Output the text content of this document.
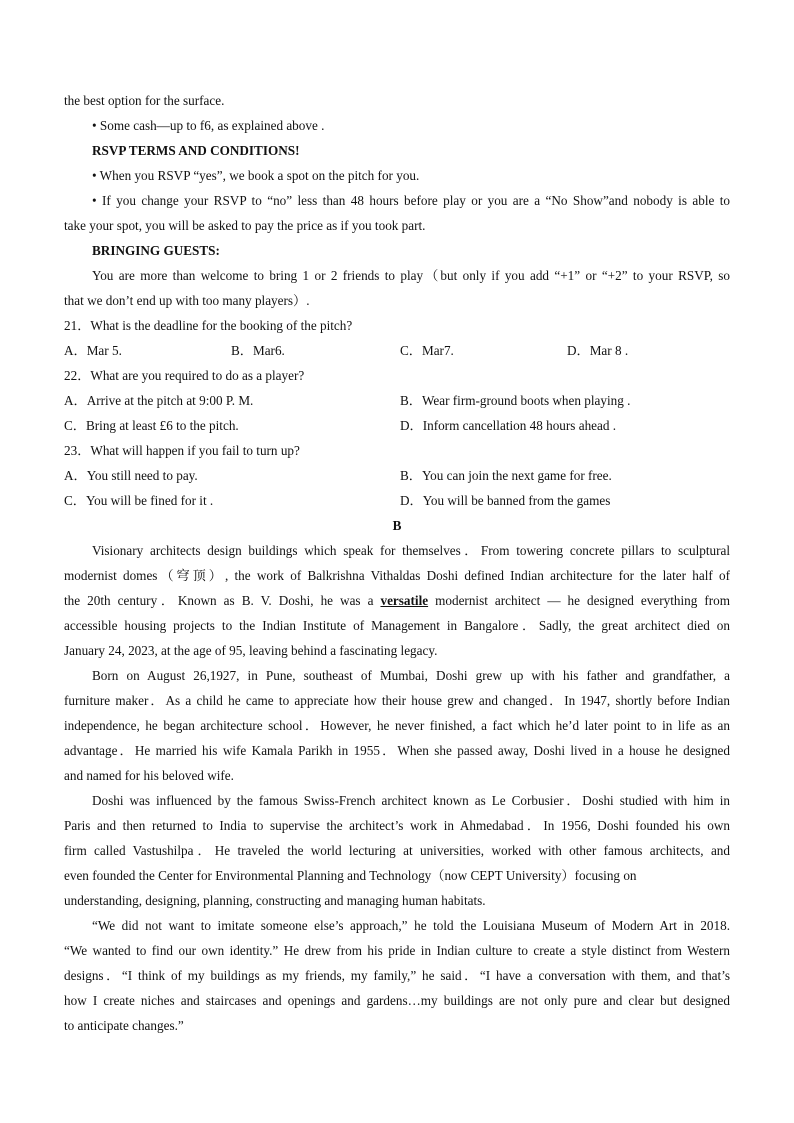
the best option for the surface.
• Some cash—up to f6, as explained above .
RSVP TERMS AND CONDITIONS!
• When you RSVP “yes”, we book a spot on the pitch for you.
• If you change your RSVP to “no” less than 48 hours before play or you are a “No Show”and nobody is able to
take your spot, you will be asked to pay the price as if you took part.
BRINGING GUESTS:
You are more than welcome to bring 1 or 2 friends to play（but only if you add “+1” or “+2” to your RSVP, so
that we don’t end up with too many players）.
21．What is the deadline for the booking of the pitch?
A．Mar 5.	B．Mar6.	C．Mar7.	D．Mar 8 .
22．What are you required to do as a player?
A．Arrive at the pitch at 9:00 P. M.	B．Wear firm-ground boots when playing .
C．Bring at least £6 to the pitch.	D．Inform cancellation 48 hours ahead .
23．What will happen if you fail to turn up?
A．You still need to pay.	B．You can join the next game for free.
C．You will be fined for it .	D．You will be banned from the games
B
Visionary architects design buildings which speak for themselves．From towering concrete pillars to sculptural
modernist domes（穹顶）, the work of Balkrishna Vithaldas Doshi defined Indian architecture for the later half of
the 20th century．Known as B. V. Doshi, he was a versatile modernist architect — he designed everything from
accessible housing projects to the Indian Institute of Management in Bangalore．Sadly, the great architect died on
January 24, 2023, at the age of 95, leaving behind a fascinating legacy.
Born on August 26,1927, in Pune, southeast of Mumbai, Doshi grew up with his father and grandfather, a
furniture maker．As a child he came to appreciate how their house grew and changed．In 1947, shortly before Indian
independence, he began architecture school．However, he never finished, a fact which he’d later point to in life as an
advantage．He married his wife Kamala Parikh in 1955．When she passed away, Doshi lived in a house he designed
and named for his beloved wife.
Doshi was influenced by the famous Swiss-French architect known as Le Corbusier．Doshi studied with him in
Paris and then returned to India to supervise the architect’s work in Ahmedabad．In 1956, Doshi founded his own
firm called Vastushilpa．He traveled the world lecturing at universities, worked with other famous architects, and
even founded the Center for Environmental Planning and Technology（now CEPT University）focusing on
understanding, designing, planning, constructing and managing human habitats.
“We did not want to imitate someone else’s approach,” he told the Louisiana Museum of Modern Art in 2018.
“We wanted to find our own identity.” He drew from his pride in Indian culture to create a style distinct from Western
designs．“I think of my buildings as my friends, my family,” he said．“I have a conversation with them, and that’s
how I create niches and staircases and openings and gardens…my buildings are not only pure and clear but designed
to anticipate changes.”
